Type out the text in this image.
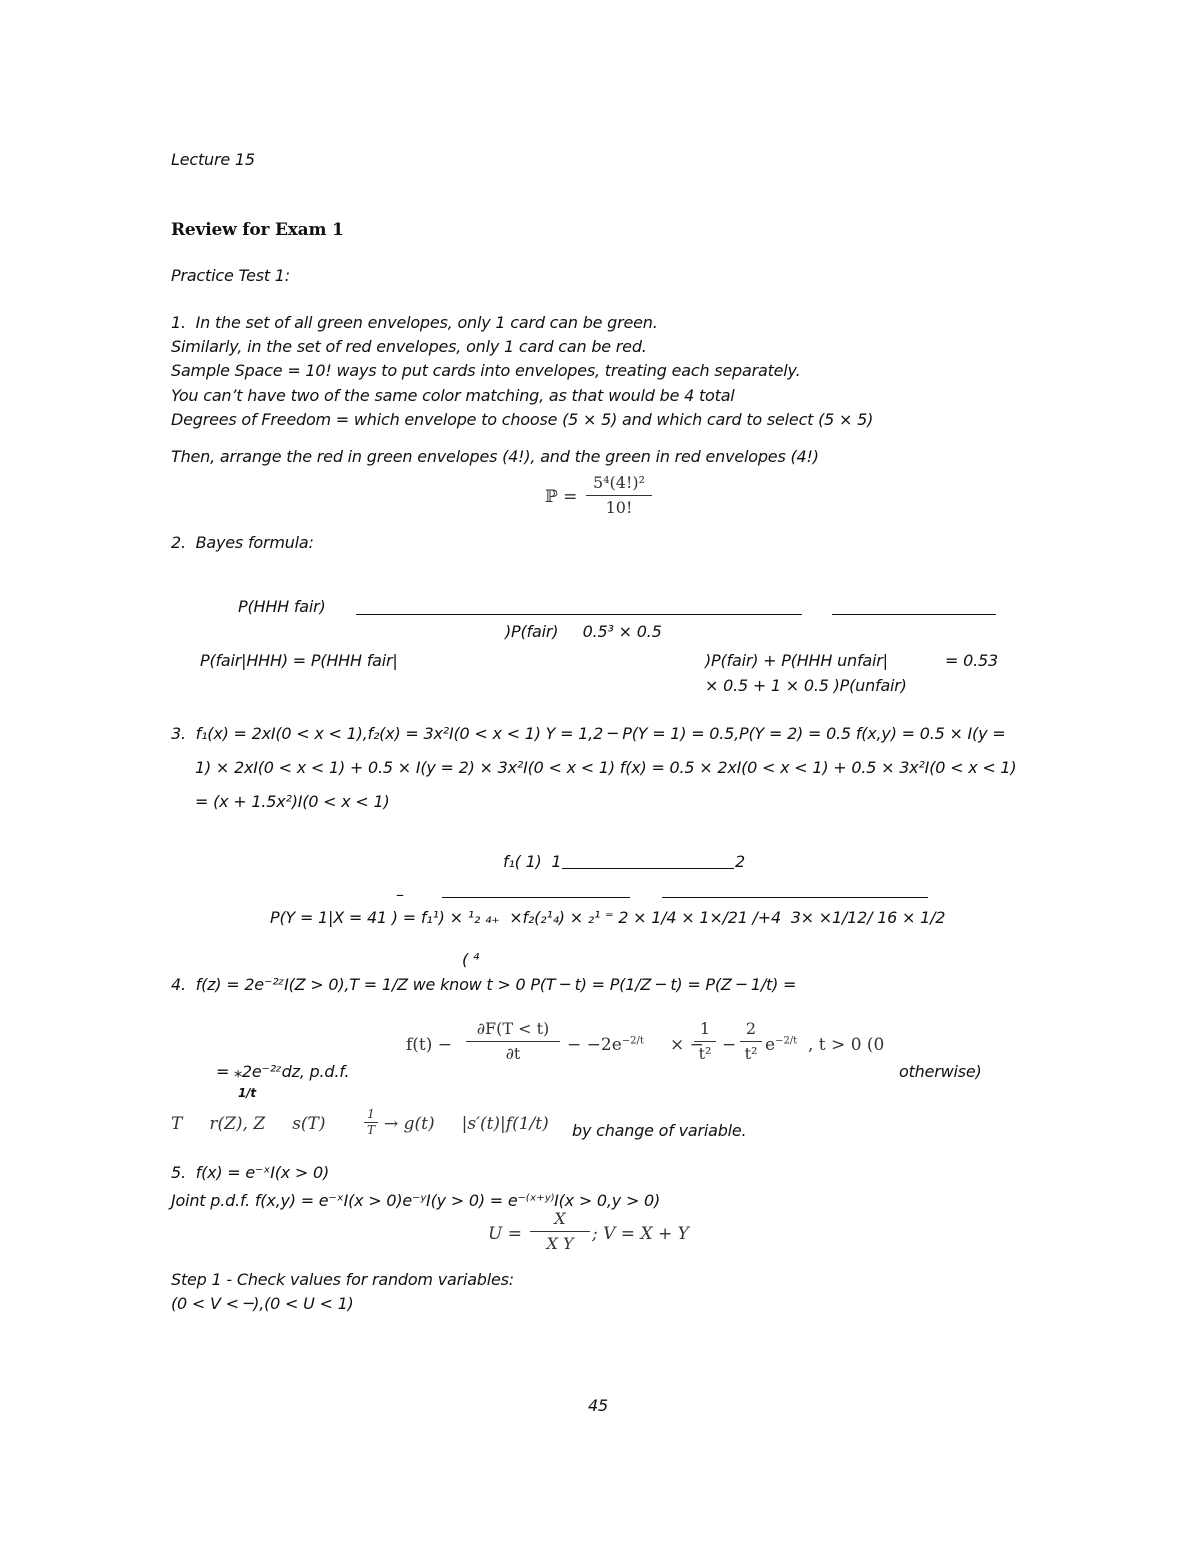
Lecture 15
Review for Exam 1
Practice Test 1:
1.  In the set of all green envelopes, only 1 card can be green.
Similarly, in the set of red envelopes, only 1 card can be red.
Sample Space = 10! ways to put cards into envelopes, treating each separately.
You can’t have two of the same color matching, as that would be 4 total
Degrees of Freedom = which envelope to choose (5 × 5) and which card to select (5 × 5)
Then, arrange the red in green envelopes (4!), and the green in red envelopes (4!)
ℙ =
5⁴(4!)²
10!
2.  Bayes formula:
P(HHH fair)
)P(fair)     0.5³ × 0.5
P(fair|HHH) = P(HHH fair|	)P(fair) + P(HHH unfair|	= 0.53
× 0.5 + 1 × 0.5 )P(unfair)
3.  f₁(x) = 2xI(0 < x < 1),f₂(x) = 3x²I(0 < x < 1) Y = 1,2 ─ P(Y = 1) = 0.5,P(Y = 2) = 0.5 f(x,y) = 0.5 × I(y =
1) × 2xI(0 < x < 1) + 0.5 × I(y = 2) × 3x²I(0 < x < 1) f(x) = 0.5 × 2xI(0 < x < 1) + 0.5 × 3x²I(0 < x < 1)
= (x + 1.5x²)I(0 < x < 1)
f₁( 1)  1	2
–
P(Y = 1|X = 41 ) = f₁¹) × ¹₂ ₄₊  ×f₂(₂¹₄) × ₂¹ ⁼ 2 × 1/4 × 1×/21 /+4  3× ×1/12/ 16 × 1/2
( ⁴
4.  f(z) = 2e⁻²ᶻI(Z > 0),T = 1/Z we know t > 0 P(T ─ t) = P(1/Z ─ t) = P(Z ─ 1/t) =
f(t) −
∂F(T < t)
∂t	− $-2e^{-2/t}$ × −
1
t² −
2
t² $e^{-2/t}$ , t > 0 (0
= ⁎2e⁻²ᶻdz, p.d.f.
1/t
otherwise)
T     r(Z), Z     s(T)	1
T → g(t)     |s′(t)|f(1/t) by change of variable.
5.  f(x) = e⁻ˣI(x > 0)
Joint p.d.f. f(x,y) = e⁻ˣI(x > 0)e⁻ʸI(y > 0) = e⁻⁽ˣ⁺ʸ⁾I(x > 0,y > 0)
U =
X
X Y	; V = X + Y
Step 1 - Check values for random variables:
(0 < V < ─),(0 < U < 1)
45
